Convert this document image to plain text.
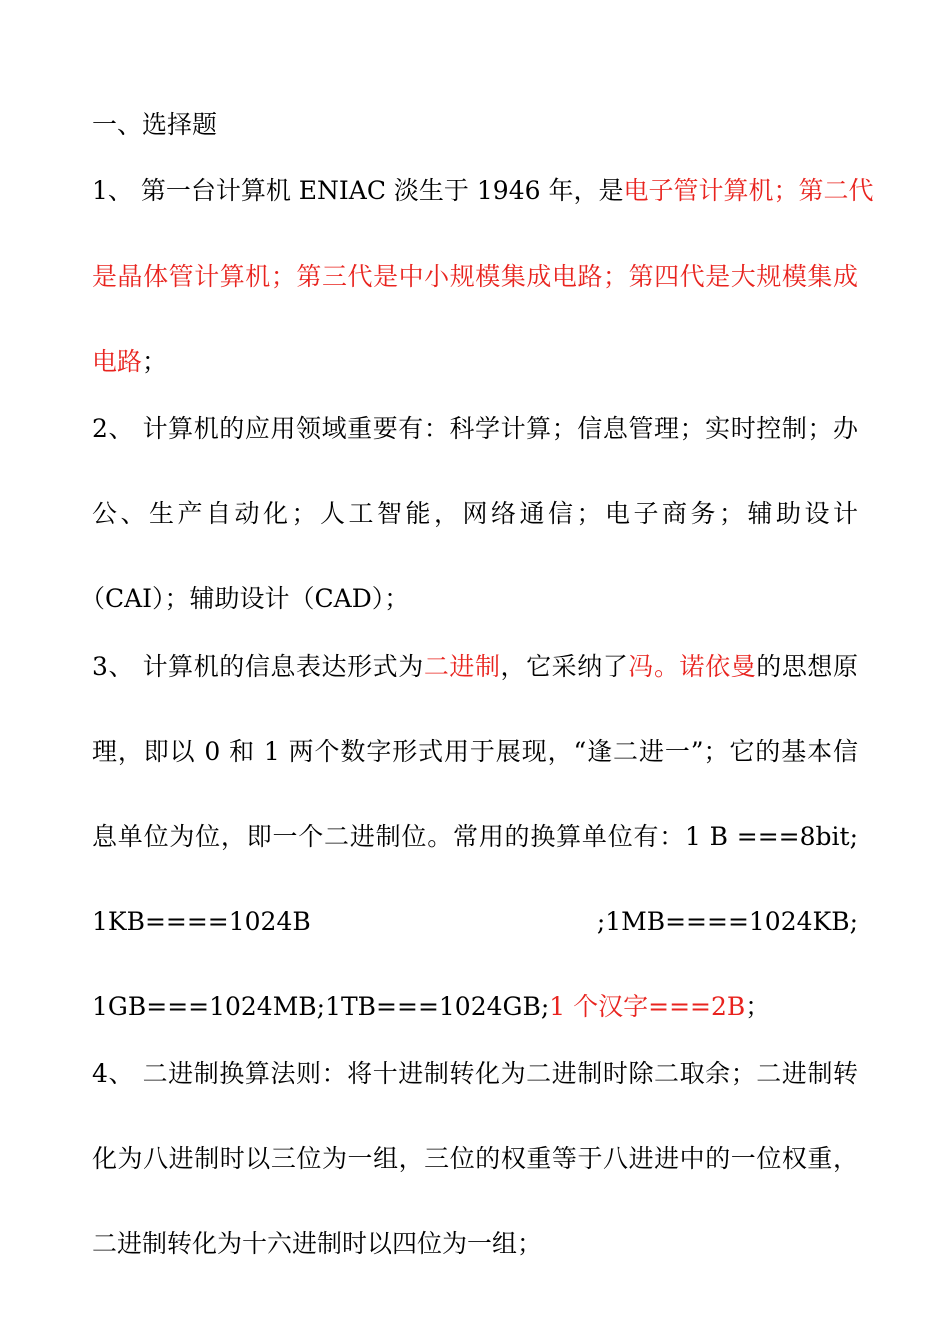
一、选择题
1、 第一台计算机 ENIAC 淡生于 1946 年，是电子管计算机；第二代
是晶体管计算机；第三代是中小规模集成电路；第四代是大规模集成
电路；
2、 计算机的应用领域重要有：科学计算；信息管理；实时控制；办
公、生产自动化；人工智能，网络通信；电子商务；辅助设计
（CAI）；辅助设计（CAD）；
3、 计算机的信息表达形式为二进制，它采纳了冯。诺依曼的思想原
理，即以 0 和 1 两个数字形式用于展现，“逢二进一”；它的基本信
息单位为位，即一个二进制位。常用的换算单位有：1 B ===8bit;
1KB====1024B	;1MB====1024KB;
1GB===1024MB;1TB===1024GB;1 个汉字===2B；
4、 二进制换算法则：将十进制转化为二进制时除二取余；二进制转
化为八进制时以三位为一组，三位的权重等于八进进中的一位权重，
二进制转化为十六进制时以四位为一组；
